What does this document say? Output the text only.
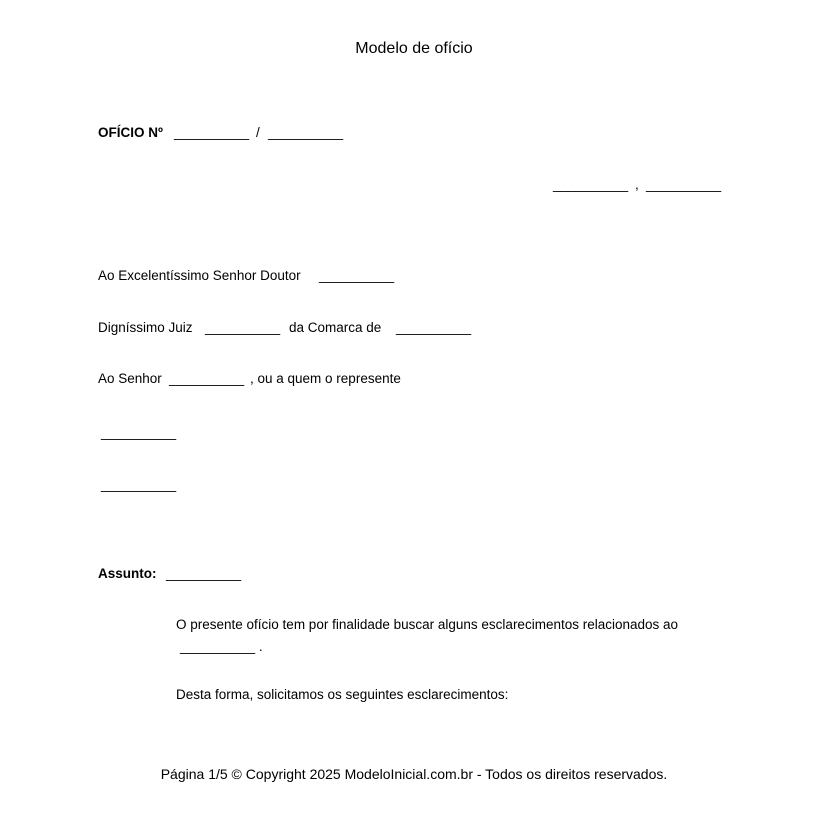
Modelo de ofício
OFÍCIO Nº __________ / __________
__________ , __________
Ao Excelentíssimo Senhor Doutor __________
Digníssimo Juiz __________ da Comarca de __________
Ao Senhor __________ , ou a quem o represente
__________
__________
Assunto: __________
O presente ofício tem por finalidade buscar alguns esclarecimentos relacionados ao
__________ .
Desta forma, solicitamos os seguintes esclarecimentos:
Página 1/5 © Copyright 2025 ModeloInicial.com.br - Todos os direitos reservados.
